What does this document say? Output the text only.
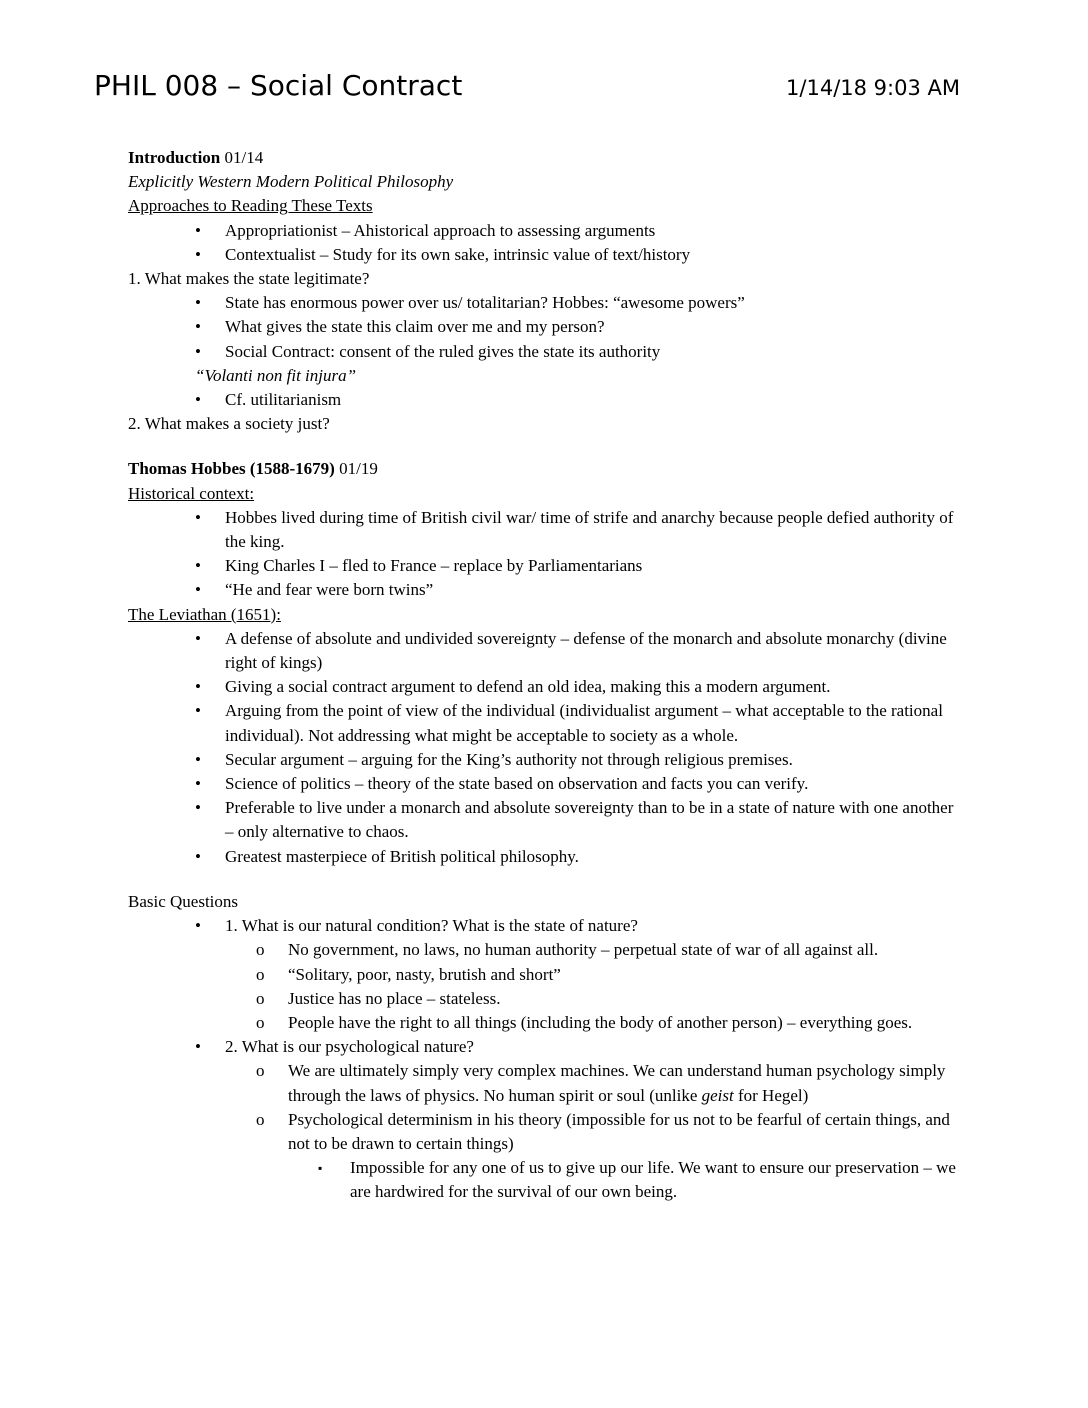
PHIL 008 – Social Contract	1/14/18 9:03 AM
Introduction 01/14
Explicitly Western Modern Political Philosophy
Approaches to Reading These Texts
• Appropriationist – Ahistorical approach to assessing arguments
• Contextualist – Study for its own sake, intrinsic value of text/history
1. What makes the state legitimate?
• State has enormous power over us/ totalitarian? Hobbes: “awesome powers”
• What gives the state this claim over me and my person?
• Social Contract: consent of the ruled gives the state its authority
“Volanti non fit injura”
• Cf. utilitarianism
2. What makes a society just?
Thomas Hobbes (1588-1679) 01/19
Historical context:
• Hobbes lived during time of British civil war/ time of strife and anarchy because people defied authority of the king.
• King Charles I – fled to France – replace by Parliamentarians
• “He and fear were born twins”
The Leviathan (1651):
• A defense of absolute and undivided sovereignty – defense of the monarch and absolute monarchy (divine right of kings)
• Giving a social contract argument to defend an old idea, making this a modern argument.
• Arguing from the point of view of the individual (individualist argument – what acceptable to the rational individual). Not addressing what might be acceptable to society as a whole.
• Secular argument – arguing for the King’s authority not through religious premises.
• Science of politics – theory of the state based on observation and facts you can verify.
• Preferable to live under a monarch and absolute sovereignty than to be in a state of nature with one another – only alternative to chaos.
• Greatest masterpiece of British political philosophy.
Basic Questions
• 1. What is our natural condition? What is the state of nature?
o No government, no laws, no human authority – perpetual state of war of all against all.
o “Solitary, poor, nasty, brutish and short”
o Justice has no place – stateless.
o People have the right to all things (including the body of another person) – everything goes.
• 2. What is our psychological nature?
o We are ultimately simply very complex machines. We can understand human psychology simply through the laws of physics. No human spirit or soul (unlike geist for Hegel)
o Psychological determinism in his theory (impossible for us not to be fearful of certain things, and not to be drawn to certain things)
▪ Impossible for any one of us to give up our life. We want to ensure our preservation – we are hardwired for the survival of our own being.
